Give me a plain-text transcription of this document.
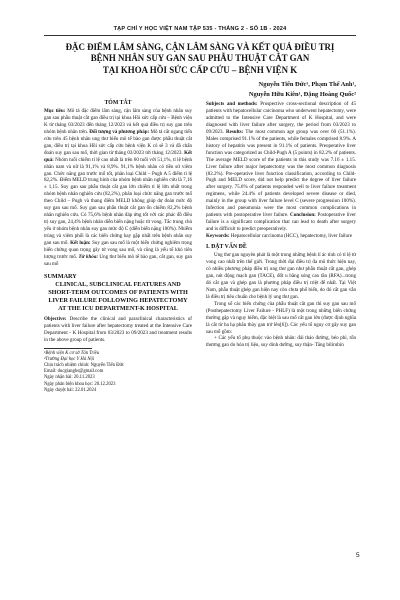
TẠP CHÍ Y HỌC VIỆT NAM TẬP 535 - THÁNG 2 - SỐ 1B - 2024
ĐẶC ĐIỂM LÂM SÀNG, CẬN LÂM SÀNG VÀ KẾT QUẢ ĐIỀU TRỊ
BỆNH NHÂN SUY GAN SAU PHẪU THUẬT CẮT GAN
TẠI KHOA HỒI SỨC CẤP CỨU – BỆNH VIỆN K
Nguyễn Tiến Đức¹, Phạm Thế Anh¹,
Nguyễn Hữu Kiên¹, Đặng Hoàng Quốc²
TÓM TẮT

Mục tiêu: Mô tả đặc điểm lâm sàng, cận lâm sàng của bệnh nhân suy gan sau phẫu thuật cắt gan điều trị tại khoa Hồi sức cấp cứu – Bệnh viện K từ tháng 03/2023 đến tháng 12/2023 và kết quả điều trị suy gan trên nhóm bệnh nhân trên. Đối tượng và phương pháp: Mô tả cắt ngang tiến cứu trên 45 bệnh nhân ung thư biểu mô tế bào gan được phẫu thuật cắt gan, điều trị tại khoa Hồi sức cấp cứu bệnh viện K có sẽ 3 và đã chẩn đoán suy gan sau mổ, thời gian từ tháng 03/2023 tới tháng 12/2023. Kết quả: Nhóm tuổi chiếm tỉ lệ cao nhất là trên 60 tuổi với 51,1%, tỉ lệ bệnh nhân nam và nữ là 91,1% và 8,9%. 91,1% bệnh nhân có tiền sử viêm gan. Chức năng gan trước mổ tốt, phân loại Child – Pugh A 5 điểm tỉ lệ 82,2%. Điểm MELD trung bình của nhóm bệnh nhân nghiên cứu là 7,16 ± 1,15. Suy gan sau phẫu thuật cắt gan lớn chiếm tỉ lệ lớn nhất trong nhóm bệnh nhân nghiên cứu (82,2%), phân loại chức năng gan trước mổ theo Child – Pugh và thang điểm MELD không giúp dự đoán mức độ suy gan sau mổ. Suy gan sau phẫu thuật cắt gan ổn chiếm 82,2% bệnh nhân nghiên cứu. Có 75,6% bệnh nhân đáp ứng tốt với các phác đồ điều trị suy gan, 24,4% bệnh nhân diễn biến nặng hoặc tử vong. Tắc trung chủ yếu ở nhóm bệnh nhân suy gan mức độ C (diễn biến nặng 100%). Nhiễm trùng và viêm phổi là các biến chứng hay gặp nhất trên bệnh nhân suy gan sau mổ. Kết luận: Suy gan sau mổ là một biến chứng nghiêm trọng biến chứng quan trọng gây tử vong sau mổ, và cũng là yếu tố khó tiên lượng trước mổ. Từ khóa: Ung thư biểu mô tế bào gan, cắt gan, suy gan sau mổ

SUMMARY
CLINICAL, SUBCLINICAL FEATURES AND SHORT-TERM OUTCOMES OF PATIENTS WITH LIVER FAILURE FOLLOWING HEPATECTOMY AT THE ICU DEPARTMENT-K HOSPITAL

Objective: Describe the clinical and paraclinical characteristics of patients with liver failure after hepatectomy treated at the Intensive Care Department - K Hospital from 03/2023 to 09/2023 and treatment results in the above group of patients.

¹Bệnh viện K cơ sở Tân Triều
²Trường Đại học Y Hà Nội
Chịu trách nhiệm chính: Nguyễn Tiến Đức
Email: ducgiangbs@gmail.com
Ngày nhận bài: 20.11.2023
Ngày phản biện khoa học: 20.12.2023
Ngày duyệt bài: 22.01.2024

Subjects and methods: Prospective cross-sectional description of 45 patients with hepatocellular carcinoma who underwent hepatectomy, were admitted to the Intensive Care Department of K Hospital, and were diagnosed with liver failure after surgery, the period from 03/2023 to 09/2023. Results: The most common age group was over 60 (51.1%). Males comprised 91.1% of the patients, while females comprised 8.9%. A history of hepatitis was present in 91.1% of patients. Preoperative liver function was categorized as Child-Pugh A (5 points) in 82.2% of patients. The average MELD score of the patients in this study was 7.16 ± 1.15. Liver failure after major hepatectomy was the most common diagnosis (82.2%). Pre-operative liver function classification, according to Child-Pugh and MELD score, did not help predict the degree of liver failure after surgery. 75.6% of patients responded well to liver failure treatment regimens, while 24.4% of patients developed severe disease or died, mainly in the group with liver failure level C (severe progression 100%). Infection and pneumonia were the most common complications in patients with postoperative liver failure. Conclusion: Postoperative liver failure is a significant complication that can lead to death after surgery and is difficult to predict preoperatively.

Keywords: Hepatocellular carcinoma (HCC), hepatectomy, liver failure

I. ĐẶT VẤN ĐỀ

Ung thư gan nguyên phát là một trong những bệnh lí ác tính có tỉ lệ tử vong cao nhất trên thế giới. Trong thời đại điều trị đa mô thức hiện nay, có nhiều phương pháp điều trị ung thư gan như phẫu thuật cắt gan, ghép gan, nút động mạch gan (TACE), đốt u bằng sóng cao tần (RFA)...trong đó cắt gan và ghép gan là phương pháp điều trị triệt để nhất. Tại Việt Nam, phẫu thuật ghép gan hiện nay còn chưa phổ biến, do đó cắt gan vẫn là điều trị tiêu chuẩn cho bệnh lý ung thư gan.

Trong số các biến chứng của phẫu thuật cắt gan thì suy gan sau mổ (Posthepatectomy Liver Failure - PHLF) là một trong những biến chứng thường gặp và nguy hiểm, đặc biệt là sau mổ cắt gan lớn (được định nghĩa là cắt từ ba hạ phân thùy gan trở lên[6]). Các yếu tố nguy cơ gây suy gan sau mổ gồm:

+ Các yếu tố phụ thuộc vào bệnh nhân: đái tháo đường, béo phì, tổn thương gan do hóa trị liệu, suy dinh dưỡng, suy thận- Tăng bilirubin

5
